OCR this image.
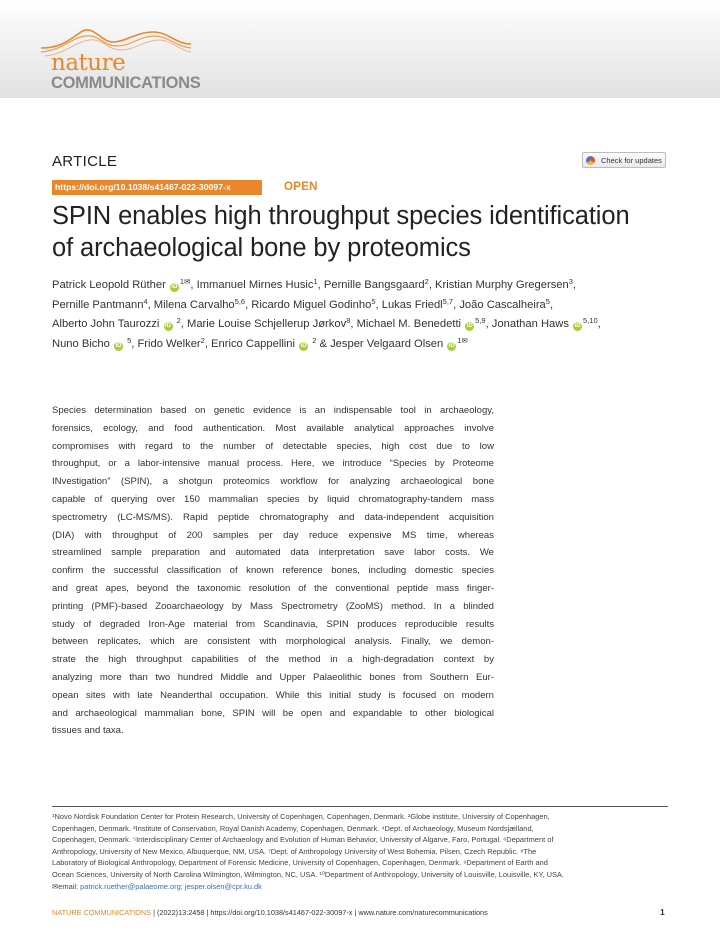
nature
COMMUNICATIONS
ARTICLE	Check for updates
https://doi.org/10.1038/s41467-022-30097-x	OPEN
SPIN enables high throughput species identification
of archaeological bone by proteomics
Patrick Leopold Rüther $iD^{1✉}$, Immanuel Mirnes Husic$^1$, Pernille Bangsgaard$^2$, Kristian Murphy Gregersen$^3$,
Pernille Pantmann$^4$, Milena Carvalho$^{5,6}$, Ricardo Miguel Godinho$^5$, Lukas Friedl$^{5,7}$, João Cascalheira$^5$,
Alberto John Taurozzi iD $^2$, Marie Louise Schjellerup Jørkov$^8$, Michael M. Benedetti iD$^{5,9}$, Jonathan Haws iD$^{5,10}$,
Nuno Bicho iD $^5$, Frido Welker$^2$, Enrico Cappellini iD $^2$ & Jesper Velgaard Olsen $iD^{1✉}$
Species determination based on genetic evidence is an indispensable tool in archaeology,
forensics, ecology, and food authentication. Most available analytical approaches involve
compromises with regard to the number of detectable species, high cost due to low
throughput, or a labor-intensive manual process. Here, we introduce “Species by Proteome
INvestigation” (SPIN), a shotgun proteomics workflow for analyzing archaeological bone
capable of querying over 150 mammalian species by liquid chromatography-tandem mass
spectrometry (LC-MS/MS). Rapid peptide chromatography and data-independent acquisition
(DIA) with throughput of 200 samples per day reduce expensive MS time, whereas
streamlined sample preparation and automated data interpretation save labor costs. We
confirm the successful classification of known reference bones, including domestic species
and great apes, beyond the taxonomic resolution of the conventional peptide mass finger-
printing (PMF)-based Zooarchaeology by Mass Spectrometry (ZooMS) method. In a blinded
study of degraded Iron-Age material from Scandinavia, SPIN produces reproducible results
between replicates, which are consistent with morphological analysis. Finally, we demon-
strate the high throughput capabilities of the method in a high-degradation context by
analyzing more than two hundred Middle and Upper Palaeolithic bones from Southern Eur-
opean sites with late Neanderthal occupation. While this initial study is focused on modern
and archaeological mammalian bone, SPIN will be open and expandable to other biological
tissues and taxa.
¹Novo Nordisk Foundation Center for Protein Research, University of Copenhagen, Copenhagen, Denmark. ²Globe institute, University of Copenhagen,
Copenhagen, Denmark. ³Institute of Conservation, Royal Danish Academy, Copenhagen, Denmark. ⁴Dept. of Archaeology, Museum Nordsjælland,
Copenhagen, Denmark. ⁵Interdisciplinary Center of Archaeology and Evolution of Human Behavior, University of Algarve, Faro, Portugal. ⁶Department of
Anthropology, University of New Mexico, Albuquerque, NM, USA. ⁷Dept. of Anthropology University of West Bohemia, Pilsen, Czech Republic. ⁸The
Laboratory of Biological Anthropology, Department of Forensic Medicine, University of Copenhagen, Copenhagen, Denmark. ⁹Department of Earth and
Ocean Sciences, University of North Carolina Wilmington, Wilmington, NC, USA. ¹⁰Department of Anthropology, University of Louisville, Louisville, KY, USA.
✉email: patrick.ruether@palaeome.org; jesper.olsen@cpr.ku.dk
NATURE COMMUNICATIONS | (2022)13:2458 | https://doi.org/10.1038/s41467-022-30097-x | www.nature.com/naturecommunications	1
